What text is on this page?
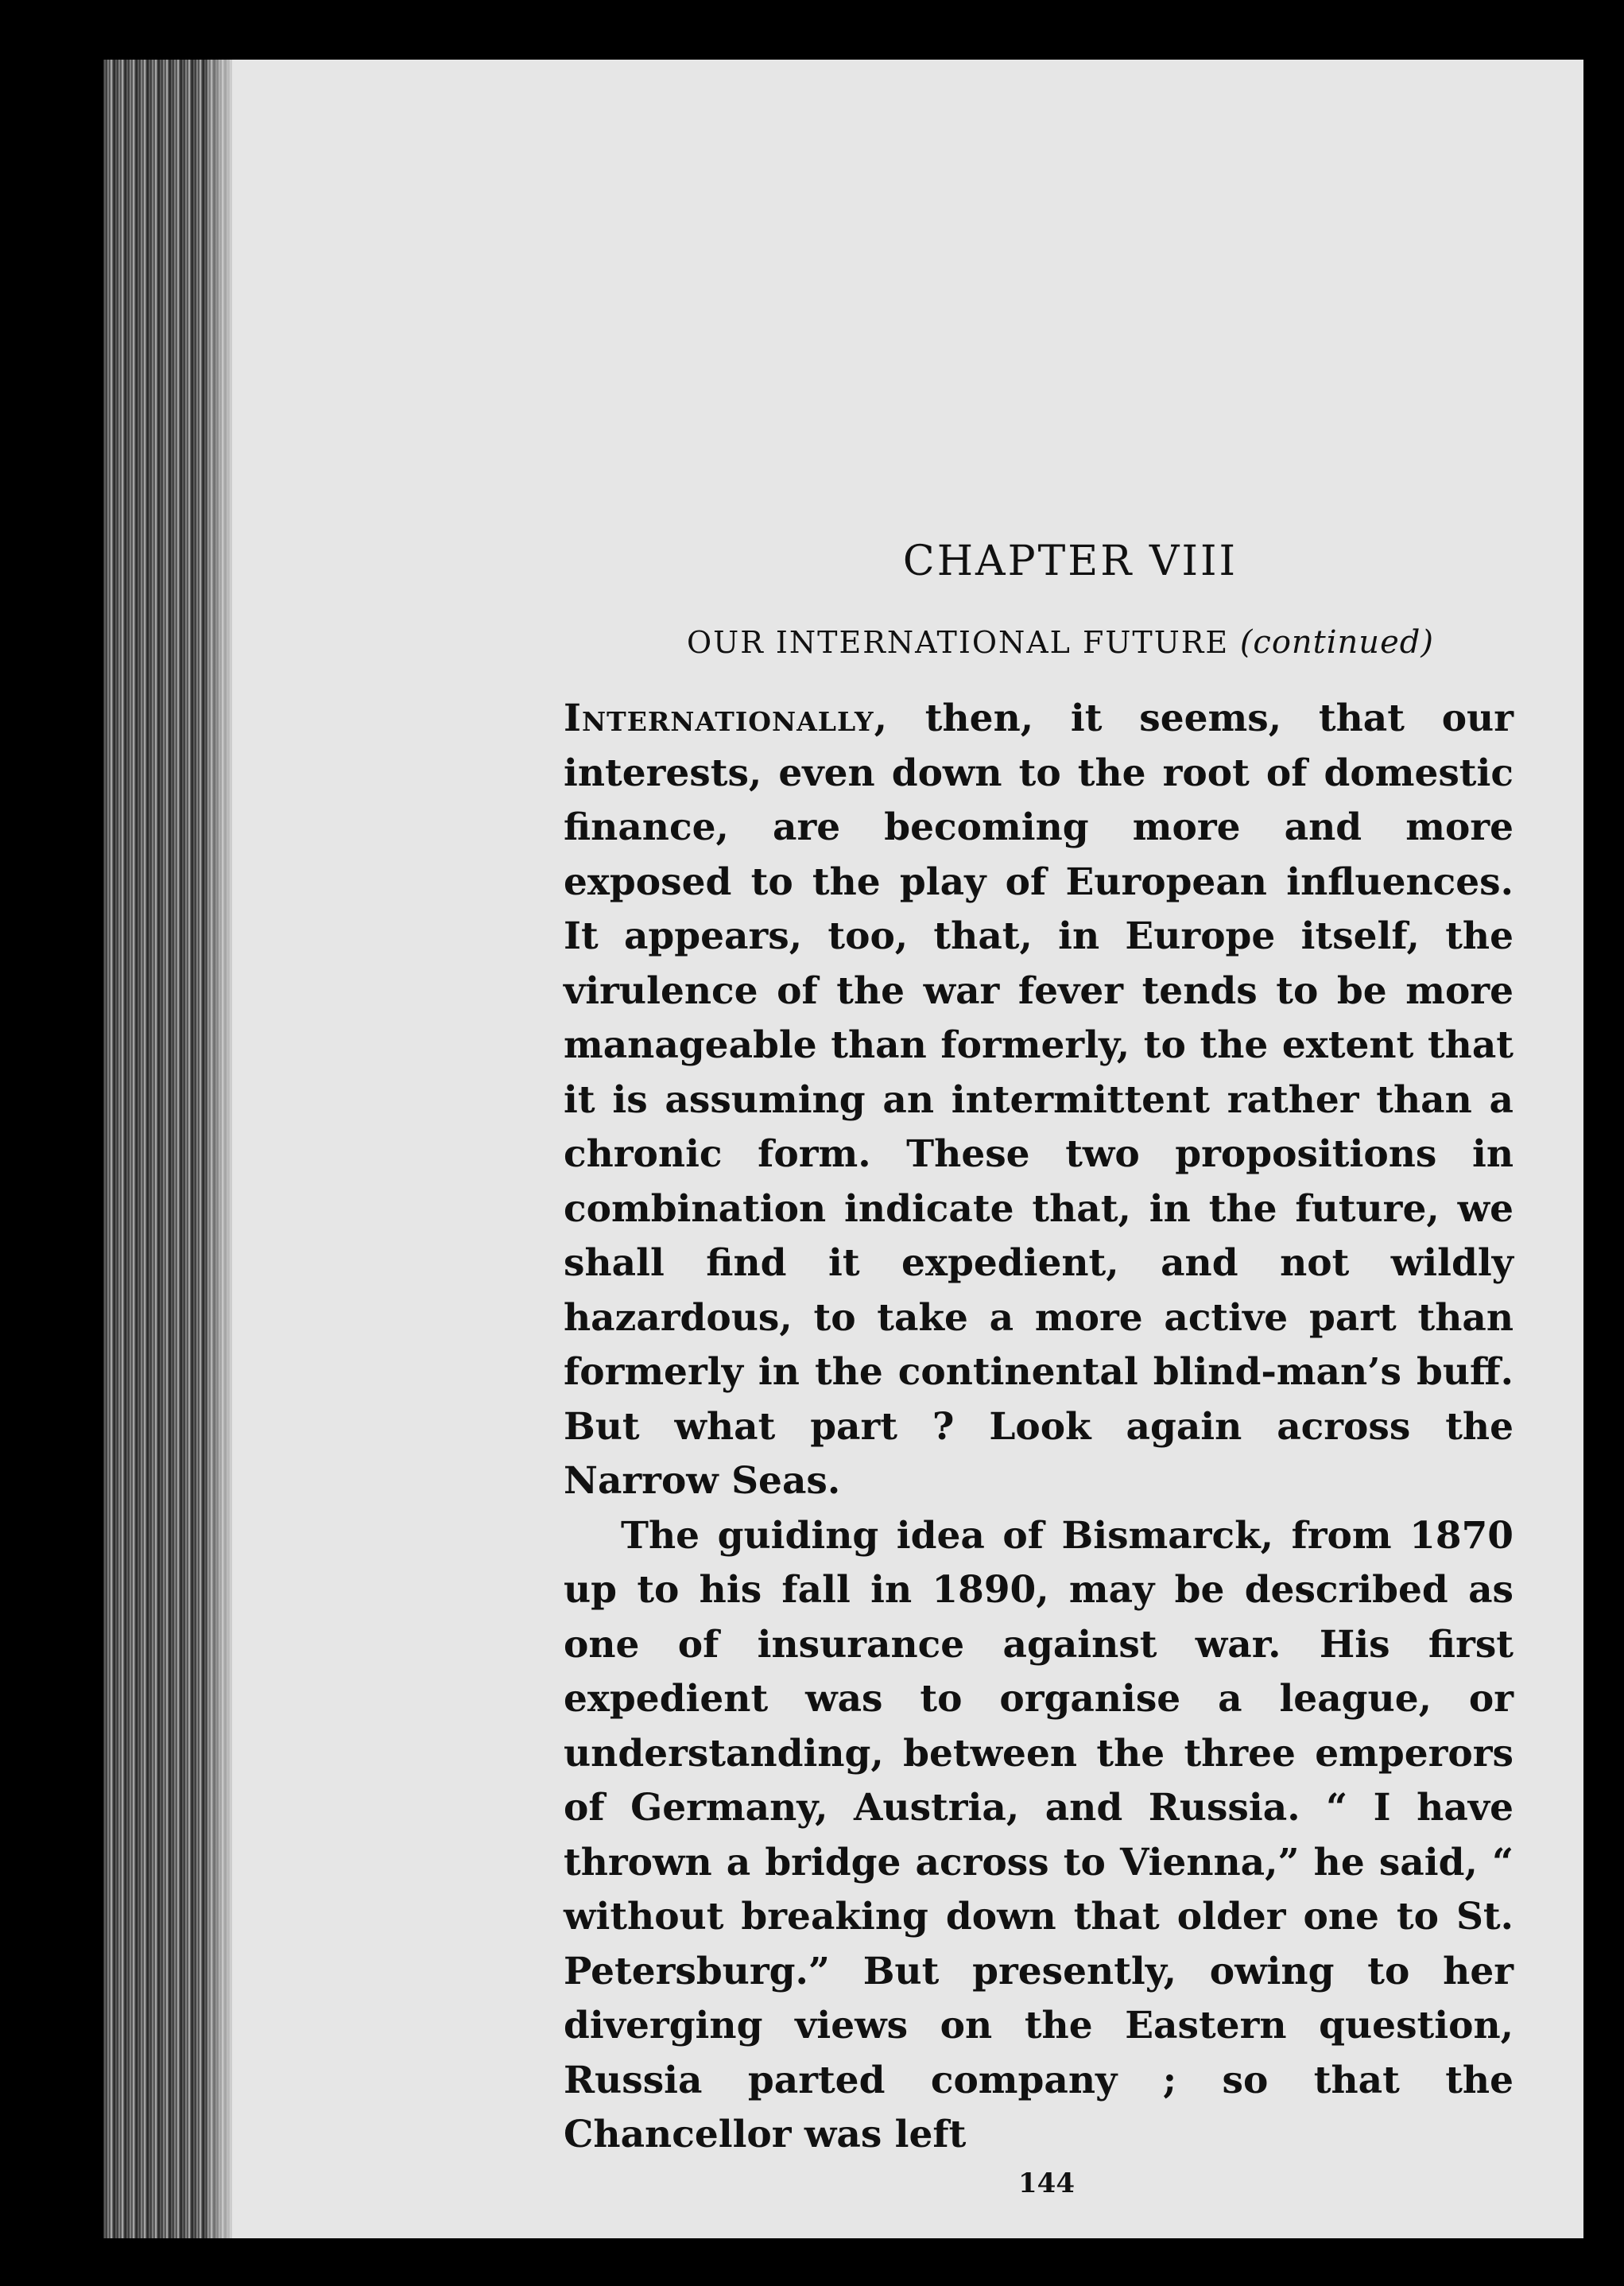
CHAPTER VIII
OUR INTERNATIONAL FUTURE (continued)

Internationally, then, it seems, that our interests, even down to the root of domestic finance, are becoming more and more exposed to the play of European influences. It appears, too, that, in Europe itself, the virulence of the war fever tends to be more manageable than formerly, to the extent that it is assuming an intermittent rather than a chronic form. These two propositions in combination indicate that, in the future, we shall find it expedient, and not wildly hazardous, to take a more active part than formerly in the continental blind-man’s buff. But what part ? Look again across the Narrow Seas.

The guiding idea of Bismarck, from 1870 up to his fall in 1890, may be described as one of insurance against war. His first expedient was to organise a league, or understanding, between the three emperors of Germany, Austria, and Russia. “ I have thrown a bridge across to Vienna,” he said, “ without breaking down that older one to St. Petersburg.” But presently, owing to her diverging views on the Eastern question, Russia parted company ; so that the Chancellor was left

144
